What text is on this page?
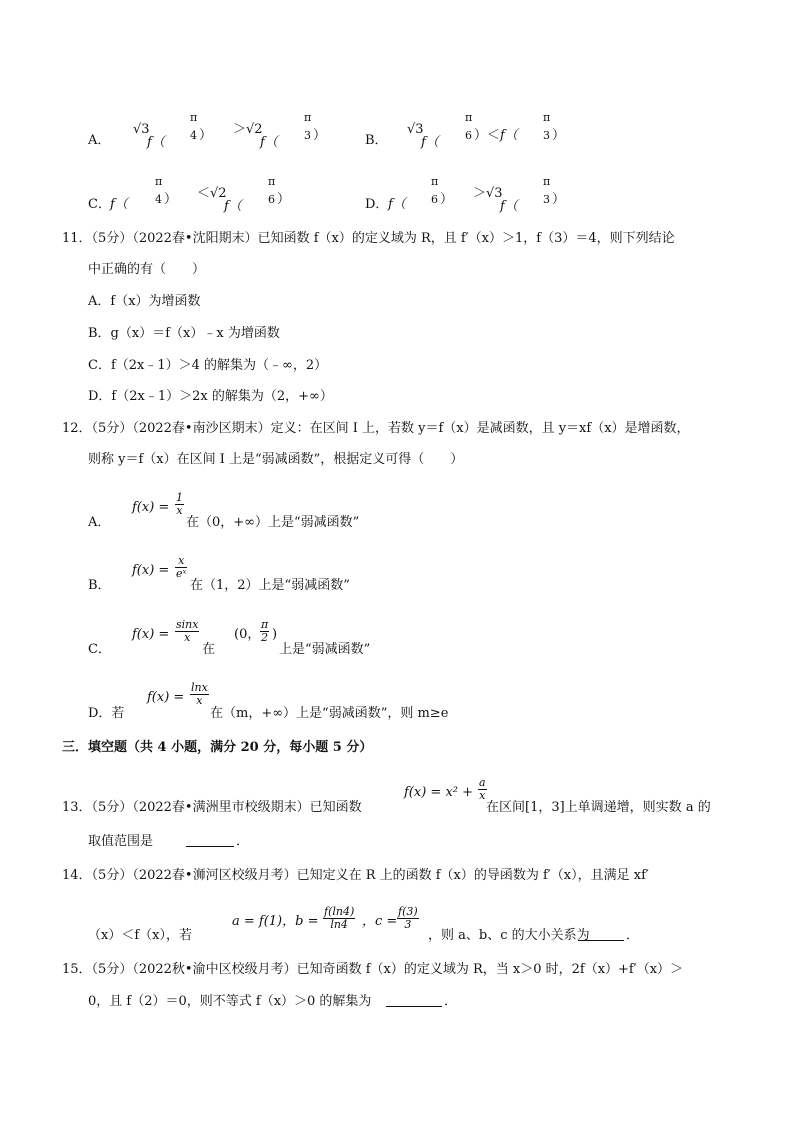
A．
√3
f（
π
4 ） ＞ √2
f（
π
3 ）	B．
√3
f（
π
6 ） ＜ f（
π
3 ）
C． f（
π
4 ） ＜ √2
f（
π
6 ）	D． f（
π
6 ） ＞ √3
f（
π
3 ）
11．（5分）（2022春•沈阳期末）已知函数 f（x）的定义域为 R，且 f′（x）＞1，f（3）＝4，则下列结论
中正确的有（　　）
A．f（x）为增函数
B．g（x）＝f（x）﹣x 为增函数
C．f（2x﹣1）＞4 的解集为（﹣∞，2）
D．f（2x﹣1）＞2x 的解集为（2，+∞）
12．（5分）（2022春•南沙区期末）定义：在区间 I 上，若数 y＝f（x）是减函数，且 y＝xf（x）是增函数，
则称 y＝f（x）在区间 I 上是“弱减函数”，根据定义可得（　　）
A．
$f(x) = \frac{1}{x}$
在（0，+∞）上是“弱减函数”
B．
$f(x) = \frac{x}{\text{eˣ}}$
在（1，2）上是“弱减函数”
C．
$f(x) = \frac{\sin x}{x}$
在
(0， $\frac{\pi}{2}$ )
上是“弱减函数”
D．若
$f(x) = \frac{\ln x}{x}$
在（m，+∞）上是“弱减函数”，则 m≥e
三．填空题（共 4 小题，满分 20 分，每小题 5 分）
13．（5分）（2022春•满洲里市校级期末）已知函数
$f(x) = x^2 + \frac{a}{x}$
在区间[1，3]上单调递增，则实数 a 的
取值范围是	．
14．（5分）（2022春•浉河区校级月考）已知定义在 R 上的函数 f（x）的导函数为 f′（x），且满足 xf′
（x）＜f（x），若
a = f(1)，$b = \frac{f(\ln 4)}{\ln 4}$ ，$c = \frac{f(3)}{3}$
，则 a、b、c 的大小关系为	．
15．（5分）（2022秋•渝中区校级月考）已知奇函数 f（x）的定义域为 R，当 x＞0 时，2f（x）+f′（x）＞
0，且 f（2）＝0，则不等式 f（x）＞0 的解集为	．
